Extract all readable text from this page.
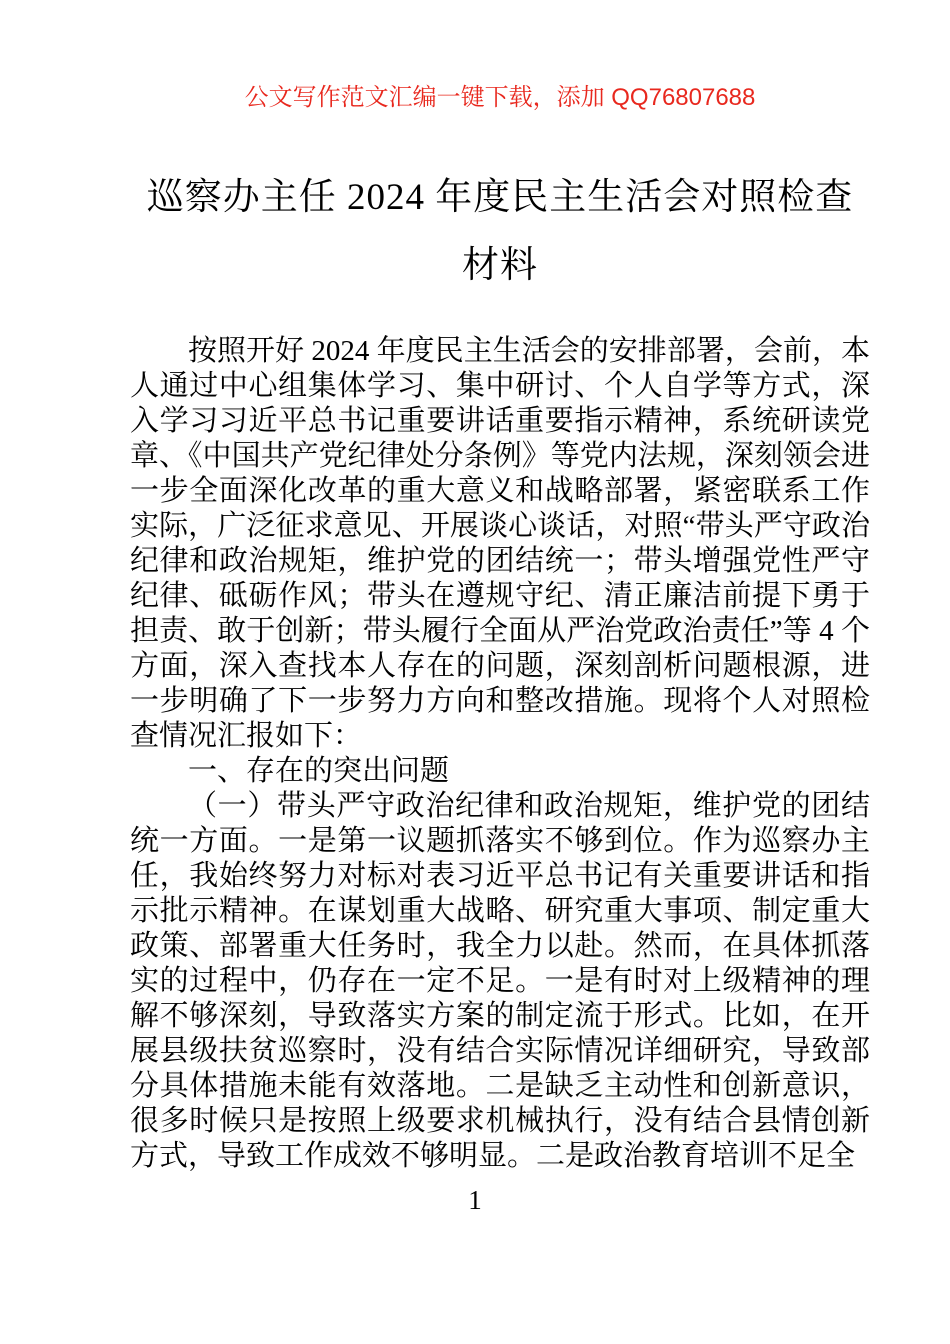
公文写作范文汇编一键下载，添加 QQ76807688
巡察办主任 2024 年度民主生活会对照检查
材料

按照开好 2024 年度民主生活会的安排部署，会前，本人通过中心组集体学习、集中研讨、个人自学等方式，深入学习习近平总书记重要讲话重要指示精神，系统研读党章、《中国共产党纪律处分条例》等党内法规，深刻领会进一步全面深化改革的重大意义和战略部署，紧密联系工作实际，广泛征求意见、开展谈心谈话，对照“带头严守政治纪律和政治规矩，维护党的团结统一；带头增强党性严守纪律、砥砺作风；带头在遵规守纪、清正廉洁前提下勇于担责、敢于创新；带头履行全面从严治党政治责任”等 4 个方面，深入查找本人存在的问题，深刻剖析问题根源，进一步明确了下一步努力方向和整改措施。现将个人对照检查情况汇报如下：

一、存在的突出问题

（一）带头严守政治纪律和政治规矩，维护党的团结统一方面。一是第一议题抓落实不够到位。作为巡察办主任，我始终努力对标对表习近平总书记有关重要讲话和指示批示精神。在谋划重大战略、研究重大事项、制定重大政策、部署重大任务时，我全力以赴。然而，在具体抓落实的过程中，仍存在一定不足。一是有时对上级精神的理解不够深刻，导致落实方案的制定流于形式。比如，在开展县级扶贫巡察时，没有结合实际情况详细研究，导致部分具体措施未能有效落地。二是缺乏主动性和创新意识，很多时候只是按照上级要求机械执行，没有结合县情创新方式，导致工作成效不够明显。二是政治教育培训不足全

1
